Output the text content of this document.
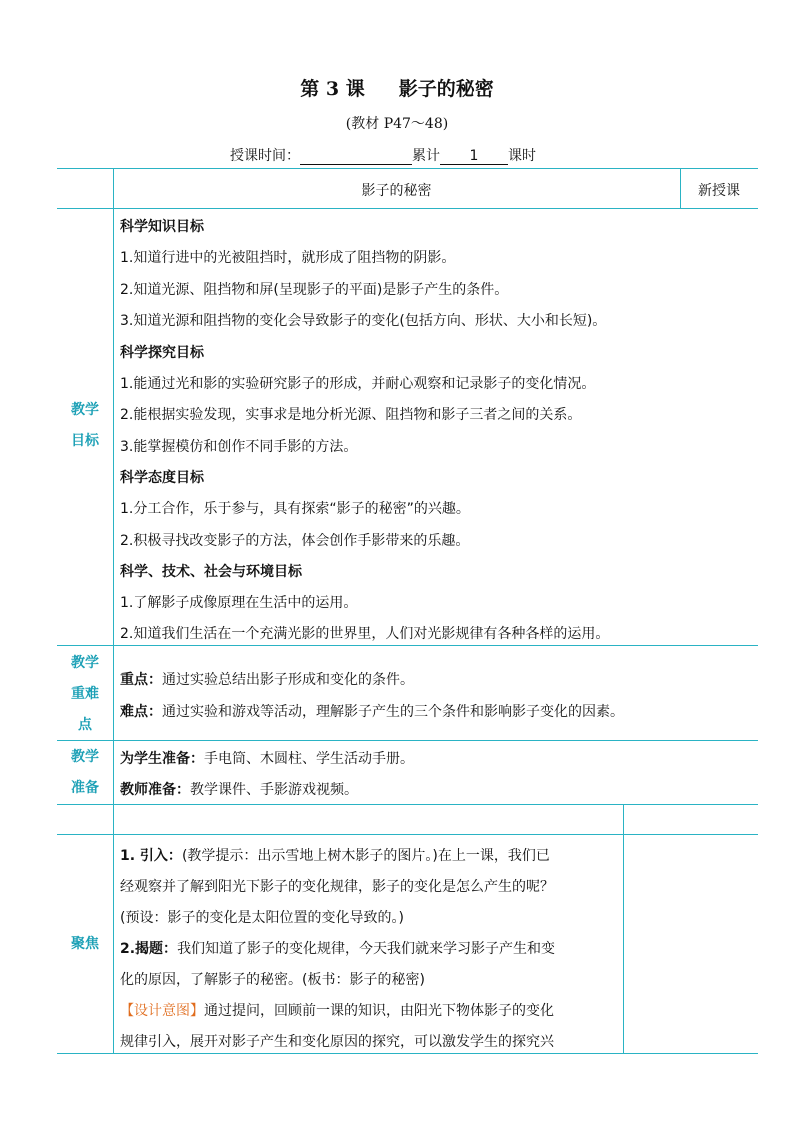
第 3 课 影子的秘密
(教材 P47～48)
授课时间：	累计 1 课时
影子的秘密	新授课
教学
目标
科学知识目标
1.知道行进中的光被阻挡时，就形成了阻挡物的阴影。
2.知道光源、阻挡物和屏(呈现影子的平面)是影子产生的条件。
3.知道光源和阻挡物的变化会导致影子的变化(包括方向、形状、大小和长短)。
科学探究目标
1.能通过光和影的实验研究影子的形成，并耐心观察和记录影子的变化情况。
2.能根据实验发现，实事求是地分析光源、阻挡物和影子三者之间的关系。
3.能掌握模仿和创作不同手影的方法。
科学态度目标
1.分工合作，乐于参与，具有探索“影子的秘密”的兴趣。
2.积极寻找改变影子的方法，体会创作手影带来的乐趣。
科学、技术、社会与环境目标
1.了解影子成像原理在生活中的运用。
2.知道我们生活在一个充满光影的世界里，人们对光影规律有各种各样的运用。
教学
重难
点
重点：通过实验总结出影子形成和变化的条件。
难点：通过实验和游戏等活动，理解影子产生的三个条件和影响影子变化的因素。
教学
准备
为学生准备：手电筒、木圆柱、学生活动手册。
教师准备：教学课件、手影游戏视频。
聚焦
1. 引入：(教学提示：出示雪地上树木影子的图片。)在上一课，我们已
经观察并了解到阳光下影子的变化规律，影子的变化是怎么产生的呢？
(预设：影子的变化是太阳位置的变化导致的。)
2.揭题：我们知道了影子的变化规律，今天我们就来学习影子产生和变
化的原因，了解影子的秘密。(板书：影子的秘密)
【设计意图】通过提问，回顾前一课的知识，由阳光下物体影子的变化
规律引入，展开对影子产生和变化原因的探究，可以激发学生的探究兴
